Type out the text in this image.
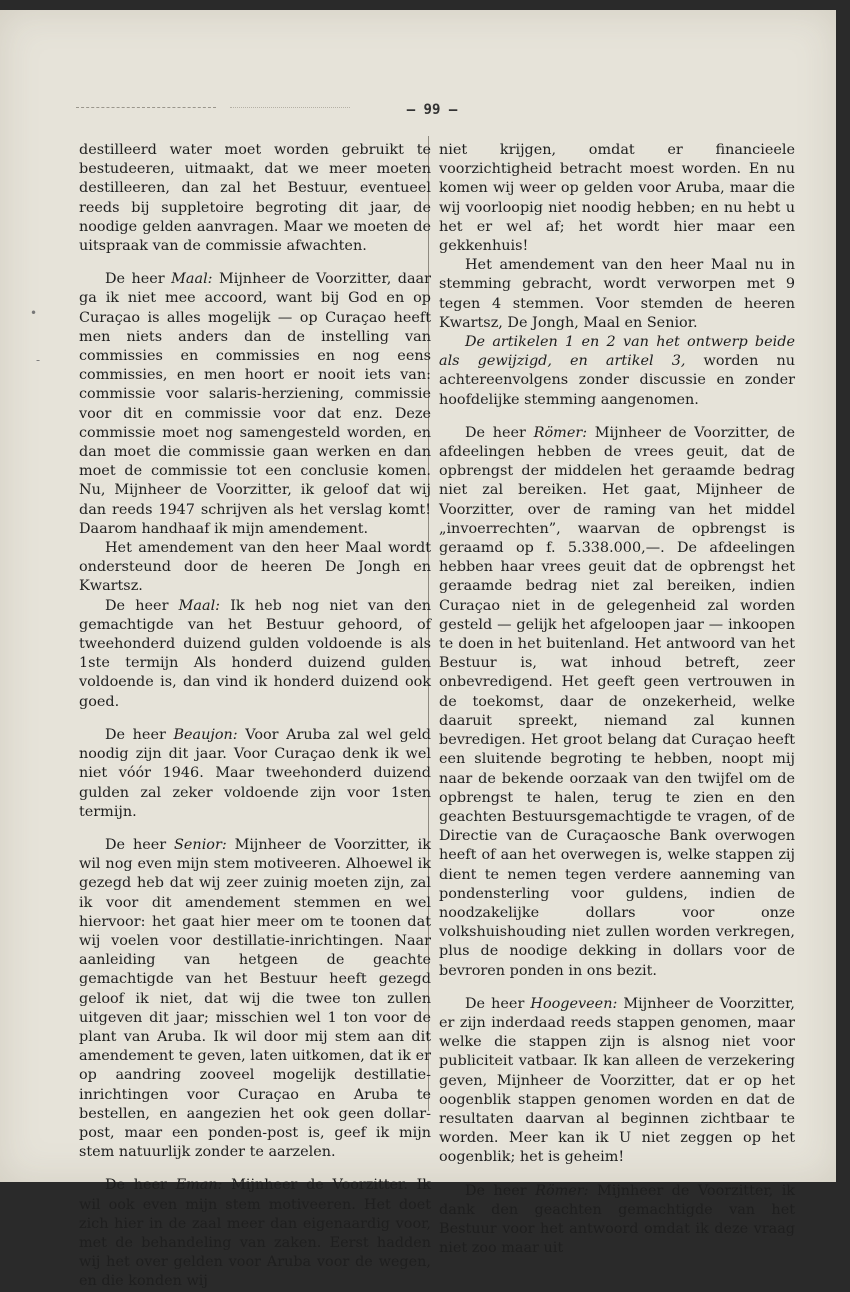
— 99 —
•
-

destilleerd water moet worden gebruikt te bestudeeren, uitmaakt, dat we meer moeten destilleeren, dan zal het Bestuur, eventueel reeds bij suppletoire begroting dit jaar, de noodige gelden aanvragen. Maar we moeten de uitspraak van de commissie afwachten.

De heer Maal: Mijnheer de Voorzitter, daar ga ik niet mee accoord, want bij God en op Curaçao is alles mogelijk — op Curaçao heeft men niets anders dan de instelling van commissies en commissies en nog eens commissies, en men hoort er nooit iets van: commissie voor salaris-herziening, commissie voor dit en commissie voor dat enz. Deze commissie moet nog samengesteld worden, en dan moet die commissie gaan werken en dan moet de commissie tot een conclusie komen. Nu, Mijnheer de Voorzitter, ik geloof dat wij dan reeds 1947 schrijven als het verslag komt! Daarom handhaaf ik mijn amendement.

Het amendement van den heer Maal wordt ondersteund door de heeren De Jongh en Kwartsz.

De heer Maal: Ik heb nog niet van den gemachtigde van het Bestuur gehoord, of tweehonderd duizend gulden voldoende is als 1ste termijn Als honderd duizend gulden voldoende is, dan vind ik honderd duizend ook goed.

De heer Beaujon: Voor Aruba zal wel geld noodig zijn dit jaar. Voor Curaçao denk ik wel niet vóór 1946. Maar tweehonderd duizend gulden zal zeker voldoende zijn voor 1sten termijn.

De heer Senior: Mijnheer de Voorzitter, ik wil nog even mijn stem motiveeren. Alhoewel ik gezegd heb dat wij zeer zuinig moeten zijn, zal ik voor dit amendement stemmen en wel hiervoor: het gaat hier meer om te toonen dat wij voelen voor destillatie-inrichtingen. Naar aanleiding van hetgeen de geachte gemachtigde van het Bestuur heeft gezegd geloof ik niet, dat wij die twee ton zullen uitgeven dit jaar; misschien wel 1 ton voor de plant van Aruba. Ik wil door mij stem aan dit amendement te geven, laten uitkomen, dat ik er op aandring zooveel mogelijk destillatie-inrichtingen voor Curaçao en Aruba te bestellen, en aangezien het ook geen dollar-post, maar een ponden-post is, geef ik mijn stem natuurlijk zonder te aarzelen.

De heer Eman: Mijnheer de Voorzitter. Ik wil ook even mijn stem motiveeren. Het doet zich hier in de zaal meer dan eigenaardig voor, met de behandeling van zaken. Eerst hadden wij het over gelden voor Aruba voor de wegen, en die konden wij

niet krijgen, omdat er financieele voorzichtigheid betracht moest worden. En nu komen wij weer op gelden voor Aruba, maar die wij voorloopig niet noodig hebben; en nu hebt u het er wel af; het wordt hier maar een gekkenhuis!

Het amendement van den heer Maal nu in stemming gebracht, wordt verworpen met 9 tegen 4 stemmen. Voor stemden de heeren Kwartsz, De Jongh, Maal en Senior.

De artikelen 1 en 2 van het ontwerp beide als gewijzigd, en artikel 3, worden nu achtereenvolgens zonder discussie en zonder hoofdelijke stemming aangenomen.

De heer Römer: Mijnheer de Voorzitter, de afdeelingen hebben de vrees geuit, dat de opbrengst der middelen het geraamde bedrag niet zal bereiken. Het gaat, Mijnheer de Voorzitter, over de raming van het middel „invoerrechten”, waarvan de opbrengst is geraamd op f. 5.338.000,—. De afdeelingen hebben haar vrees geuit dat de opbrengst het geraamde bedrag niet zal bereiken, indien Curaçao niet in de gelegenheid zal worden gesteld — gelijk het afgeloopen jaar — inkoopen te doen in het buitenland. Het antwoord van het Bestuur is, wat inhoud betreft, zeer onbevredigend. Het geeft geen vertrouwen in de toekomst, daar de onzekerheid, welke daaruit spreekt, niemand zal kunnen bevredigen. Het groot belang dat Curaçao heeft een sluitende begroting te hebben, noopt mij naar de bekende oorzaak van den twijfel om de opbrengst te halen, terug te zien en den geachten Bestuursgemachtigde te vragen, of de Directie van de Curaçaosche Bank overwogen heeft of aan het overwegen is, welke stappen zij dient te nemen tegen verdere aanneming van pondensterling voor guldens, indien de noodzakelijke dollars voor onze volkshuishouding niet zullen worden verkregen, plus de noodige dekking in dollars voor de bevroren ponden in ons bezit.

De heer Hoogeveen: Mijnheer de Voorzitter, er zijn inderdaad reeds stappen genomen, maar welke die stappen zijn is alsnog niet voor publiciteit vatbaar. Ik kan alleen de verzekering geven, Mijnheer de Voorzitter, dat er op het oogenblik stappen genomen worden en dat de resultaten daarvan al beginnen zichtbaar te worden. Meer kan ik U niet zeggen op het oogenblik; het is geheim!

De heer Römer: Mijnheer de Voorzitter, ik dank den geachten gemachtigde van het Bestuur voor het antwoord omdat ik deze vraag niet zoo maar uit
